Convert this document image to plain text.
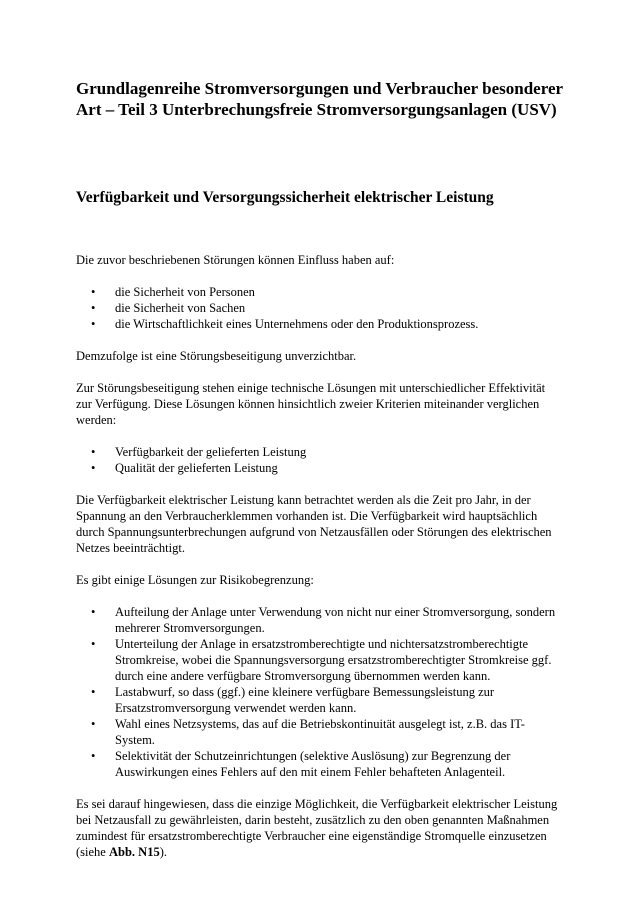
Grundlagenreihe Stromversorgungen und Verbraucher besonderer Art – Teil 3 Unterbrechungsfreie Stromversorgungsanlagen (USV)
Verfügbarkeit und Versorgungssicherheit elektrischer Leistung

Die zuvor beschriebenen Störungen können Einfluss haben auf:

• die Sicherheit von Personen
• die Sicherheit von Sachen
• die Wirtschaftlichkeit eines Unternehmens oder den Produktionsprozess.

Demzufolge ist eine Störungsbeseitigung unverzichtbar.

Zur Störungsbeseitigung stehen einige technische Lösungen mit unterschiedlicher Effektivität zur Verfügung. Diese Lösungen können hinsichtlich zweier Kriterien miteinander verglichen werden:

• Verfügbarkeit der gelieferten Leistung
• Qualität der gelieferten Leistung

Die Verfügbarkeit elektrischer Leistung kann betrachtet werden als die Zeit pro Jahr, in der Spannung an den Verbraucherklemmen vorhanden ist. Die Verfügbarkeit wird hauptsächlich durch Spannungsunterbrechungen aufgrund von Netzausfällen oder Störungen des elektrischen Netzes beeinträchtigt.

Es gibt einige Lösungen zur Risikobegrenzung:

• Aufteilung der Anlage unter Verwendung von nicht nur einer Stromversorgung, sondern mehrerer Stromversorgungen.
• Unterteilung der Anlage in ersatzstromberechtigte und nichtersatzstromberechtigte Stromkreise, wobei die Spannungsversorgung ersatzstromberechtigter Stromkreise ggf. durch eine andere verfügbare Stromversorgung übernommen werden kann.
• Lastabwurf, so dass (ggf.) eine kleinere verfügbare Bemessungsleistung zur Ersatzstromversorgung verwendet werden kann.
• Wahl eines Netzsystems, das auf die Betriebskontinuität ausgelegt ist, z.B. das IT-System.
• Selektivität der Schutzeinrichtungen (selektive Auslösung) zur Begrenzung der Auswirkungen eines Fehlers auf den mit einem Fehler behafteten Anlagenteil.

Es sei darauf hingewiesen, dass die einzige Möglichkeit, die Verfügbarkeit elektrischer Leistung bei Netzausfall zu gewährleisten, darin besteht, zusätzlich zu den oben genannten Maßnahmen zumindest für ersatzstromberechtigte Verbraucher eine eigenständige Stromquelle einzusetzen (siehe Abb. N15).
